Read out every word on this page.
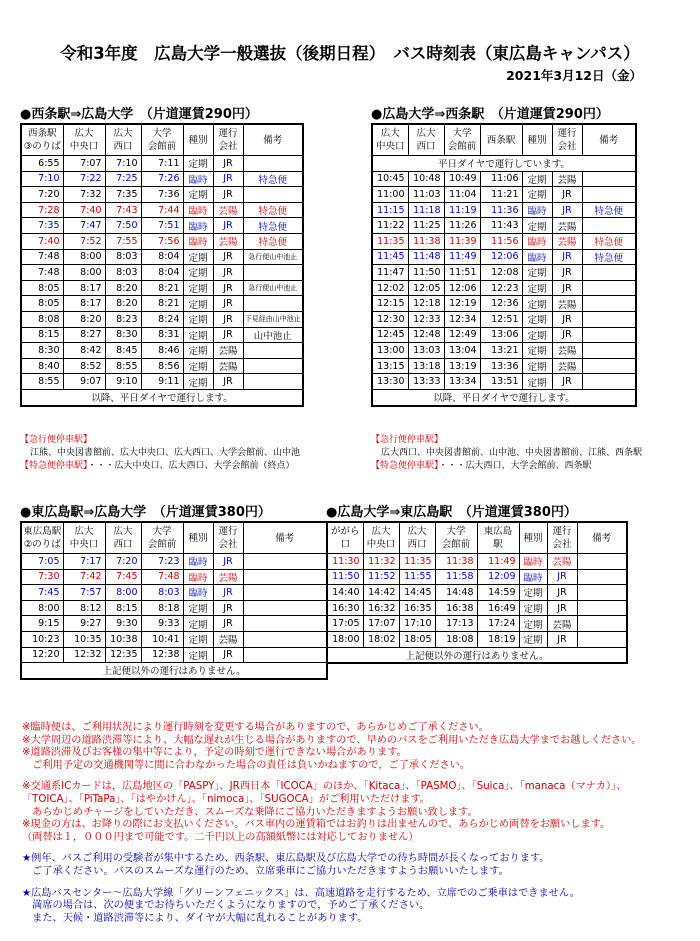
令和3年度　広島大学一般選抜（後期日程）　バス時刻表（東広島キャンパス）
2021年3月12日（金）
●西条駅⇒広島大学　（片道運賃290円）
西条駅
③のりば	広大
中央口	広大
西口	大学
会館前	種別	運行
会社	備考
6:55	7:07	7:10	7:11	定期	JR	
7:10	7:22	7:25	7:26	臨時	JR	特急便
7:20	7:32	7:35	7:36	定期	JR	
7:28	7:40	7:43	7:44	臨時	芸陽	特急便
7:35	7:47	7:50	7:51	臨時	JR	特急便
7:40	7:52	7:55	7:56	臨時	芸陽	特急便
7:48	8:00	8:03	8:04	定期	JR	急行便山中池止
7:48	8:00	8:03	8:04	定期	JR	
8:05	8:17	8:20	8:21	定期	JR	急行便山中池止
8:05	8:17	8:20	8:21	定期	JR	
8:08	8:20	8:23	8:24	定期	JR	下見経由山中池止
8:15	8:27	8:30	8:31	定期	JR	山中池止
8:30	8:42	8:45	8:46	定期	芸陽	
8:40	8:52	8:55	8:56	定期	芸陽	
8:55	9:07	9:10	9:11	定期	JR	
以降、平日ダイヤで運行します。						
●広島大学⇒西条駅　（片道運賃290円）
広大
中央口	広大
西口	大学
会館前	西条駅	種別	運行
会社	備考
平日ダイヤで運行しています。						
10:45	10:48	10:49	11:06	定期	芸陽	
11:00	11:03	11:04	11:21	定期	JR	
11:15	11:18	11:19	11:36	臨時	JR	特急便
11:22	11:25	11:26	11:43	定期	芸陽	
11:35	11:38	11:39	11:56	臨時	芸陽	特急便
11:45	11:48	11:49	12:06	臨時	JR	特急便
11:47	11:50	11:51	12:08	定期	JR	
12:02	12:05	12:06	12:23	定期	JR	
12:15	12:18	12:19	12:36	定期	芸陽	
12:30	12:33	12:34	12:51	定期	JR	
12:45	12:48	12:49	13:06	定期	JR	
13:00	13:03	13:04	13:21	定期	芸陽	
13:15	13:18	13:19	13:36	定期	芸陽	
13:30	13:33	13:34	13:51	定期	JR	
以降、平日ダイヤで運行します。						
●東広島駅⇒広島大学　（片道運賃380円）
東広島駅
②のりば	広大
中央口	広大
西口	大学
会館前	種別	運行
会社	備考
7:05	7:17	7:20	7:23	臨時	JR	
7:30	7:42	7:45	7:48	臨時	芸陽	
7:45	7:57	8:00	8:03	臨時	JR	
8:00	8:12	8:15	8:18	定期	JR	
9:15	9:27	9:30	9:33	定期	JR	
10:23	10:35	10:38	10:41	定期	芸陽	
12:20	12:32	12:35	12:38	定期	JR	
上記便以外の運行はありません。						
●広島大学⇒東広島駅　（片道運賃380円）
ががら
口	広大
中央口	広大
西口	大学
会館前	東広島
駅	種別	運行
会社	備考
11:30	11:32	11:35	11:38	11:49	臨時	芸陽	
11:50	11:52	11:55	11:58	12:09	臨時	JR	
14:40	14:42	14:45	14:48	14:59	定期	JR	
16:30	16:32	16:35	16:38	16:49	定期	JR	
17:05	17:07	17:10	17:13	17:24	定期	芸陽	
18:00	18:02	18:05	18:08	18:19	定期	JR	
上記便以外の運行はありません。							
【急行便停車駅】
江熊、中央図書館前、広大中央口、広大西口、大学会館前、山中池
【特急便停車駅】・・・広大中央口、広大西口、大学会館前（終点）
【急行便停車駅】
広大西口、中央図書館前、山中池、中央図書館前、江熊、西条駅
【特急便停車駅】・・・広大西口、大学会館前、西条駅

※臨時便は、ご利用状況により運行時刻を変更する場合がありますので、あらかじめご了承ください。

※大学周辺の道路渋滞等により、大幅な遅れが生じる場合がありますので、早めのバスをご利用いただき広島大学までお越しください。

※道路渋滞及びお客様の集中等により，予定の時刻で運行できない場合があります。

　ご利用予定の交通機関等に間に合わなかった場合の責任は負いかねますので，ご了承ください。

※交通系ICカードは，広島地区の「PASPY」、JR西日本「ICOCA」のほか、「Kitaca」、「PASMO」、「Suica」、「manaca（マナカ）」、

「TOICA」、「PiTaPa」、「はやかけん」、「nimoca」、「SUGOCA」がご利用いただけます。

　あらかじめチャージをしていただき、スムーズな乗降にご協力いただきますようお願い致します。

※現金の方は、お降りの際にお支払いください。バス車内の運賃箱ではお釣りは出ませんので、あらかじめ両替をお願いします。

（両替は１，０００円まで可能です。二千円以上の高額紙幣には対応しておりません）

★例年、バスご利用の受験者が集中するため、西条駅、東広島駅及び広島大学での待ち時間が長くなっております。

　ご了承ください。バスのスムーズな運行のため、立席乗車にご協力いただきますようお願いいたします。

★広島バスセンター～広島大学線「グリーンフェニックス」は、高速道路を走行するため、立席でのご乗車はできません。

　満席の場合は、次の便までお待ちいただくようになりますので，予めご了承ください。

　また、天候・道路渋滞等により、ダイヤが大幅に乱れることがあります。
